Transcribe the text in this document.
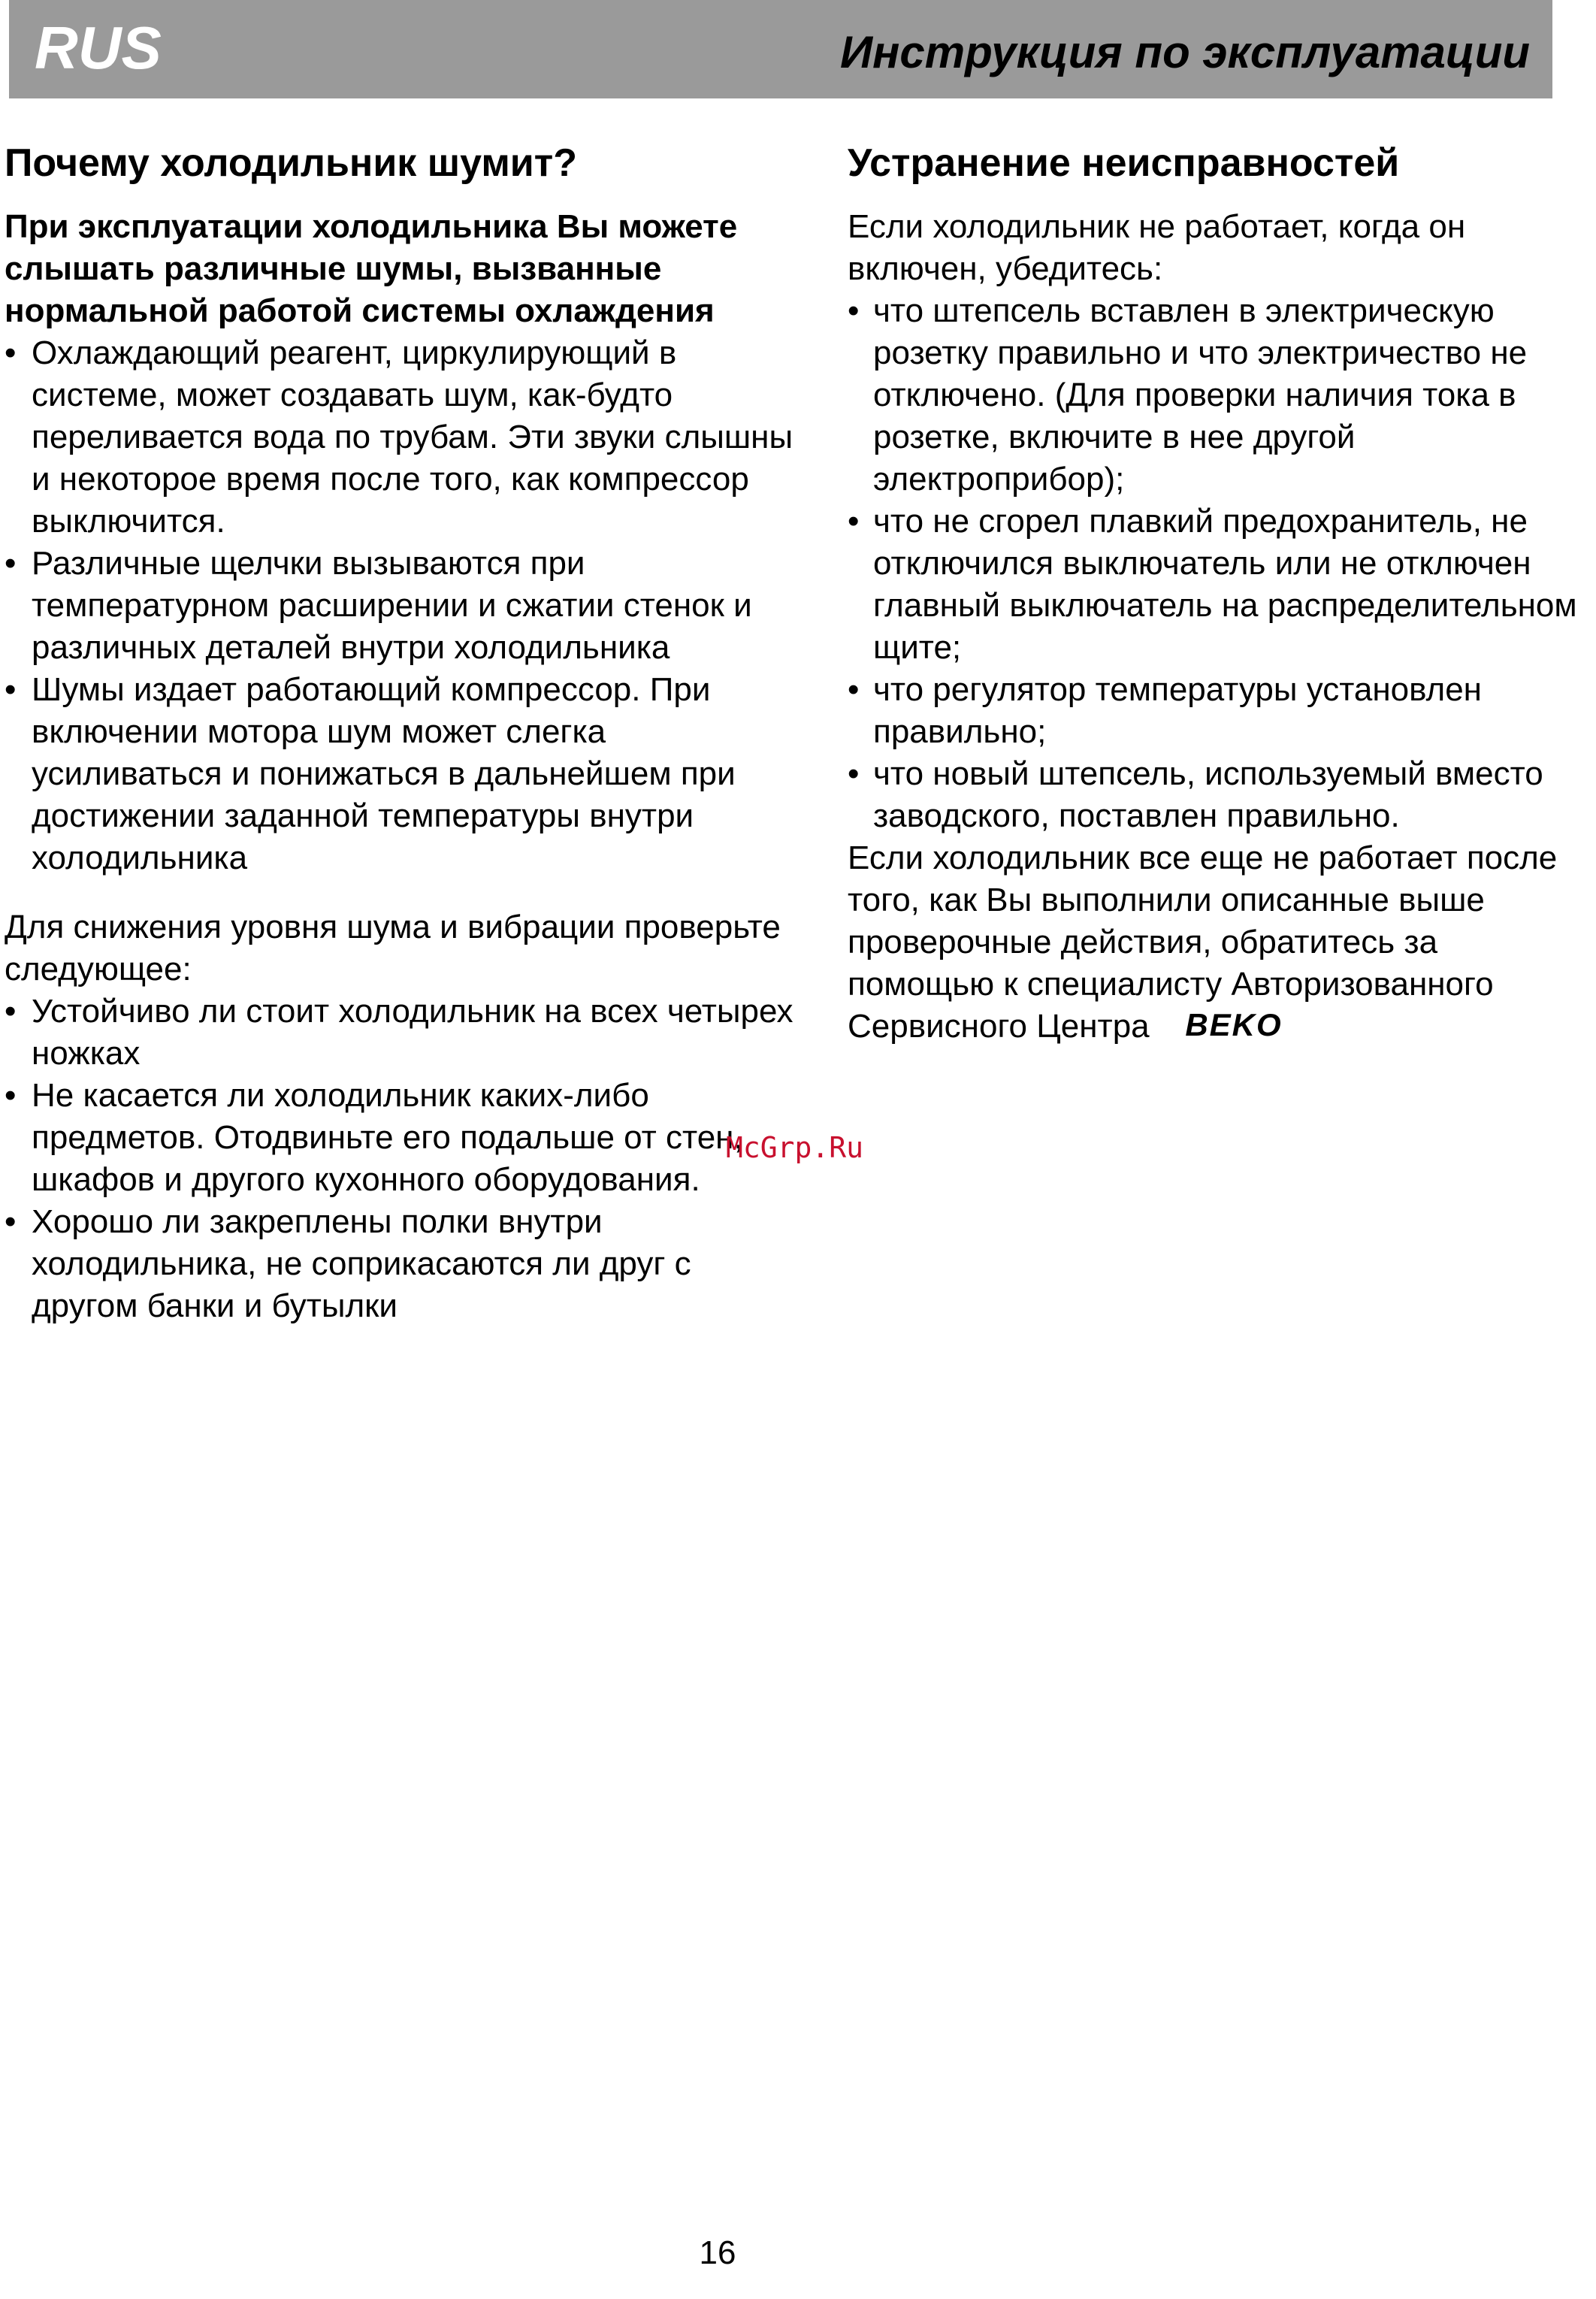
RUS	Инструкция по эксплуатации
Почему холодильник шумит?

При эксплуатации холодильника Вы можете слышать различные шумы, вызванные нормальной работой системы охлаждения

• Охлаждающий реагент, циркулирующий в системе, может создавать шум, как-будто переливается вода по трубам. Эти звуки слышны и некоторое время после того, как компрессор выключится.
• Различные щелчки вызываются при температурном расширении и сжатии стенок и различных деталей внутри холодильника
• Шумы издает работающий компрессор. При включении мотора шум может слегка усиливаться и понижаться в дальнейшем при достижении заданной температуры внутри холодильника

Для снижения уровня шума и вибрации проверьте следующее:

• Устойчиво ли стоит холодильник на всех четырех ножках
• Не касается ли холодильник каких-либо предметов. Отодвиньте его подальше от стен, шкафов и другого кухонного оборудования.
• Хорошо ли закреплены полки внутри холодильника, не соприкасаются ли друг с другом банки и бутылки
Устранение неисправностей

Если холодильник не работает, когда он включен, убедитесь:

• что штепсель вставлен в электрическую розетку правильно и что электричество не отключено. (Для проверки наличия тока в розетке, включите в нее другой электроприбор);
• что не сгорел плавкий предохранитель, не отключился выключатель или не отключен главный выключатель на распределительном щите;
• что регулятор температуры установлен правильно;
• что новый штепсель, используемый вместо заводского, поставлен правильно.

Если холодильник все еще не работает после того, как Вы выполнили описанные выше проверочные действия, обратитесь за помощью к специалисту Авторизованного Сервисного Центра BEKO

McGrp.Ru
16
